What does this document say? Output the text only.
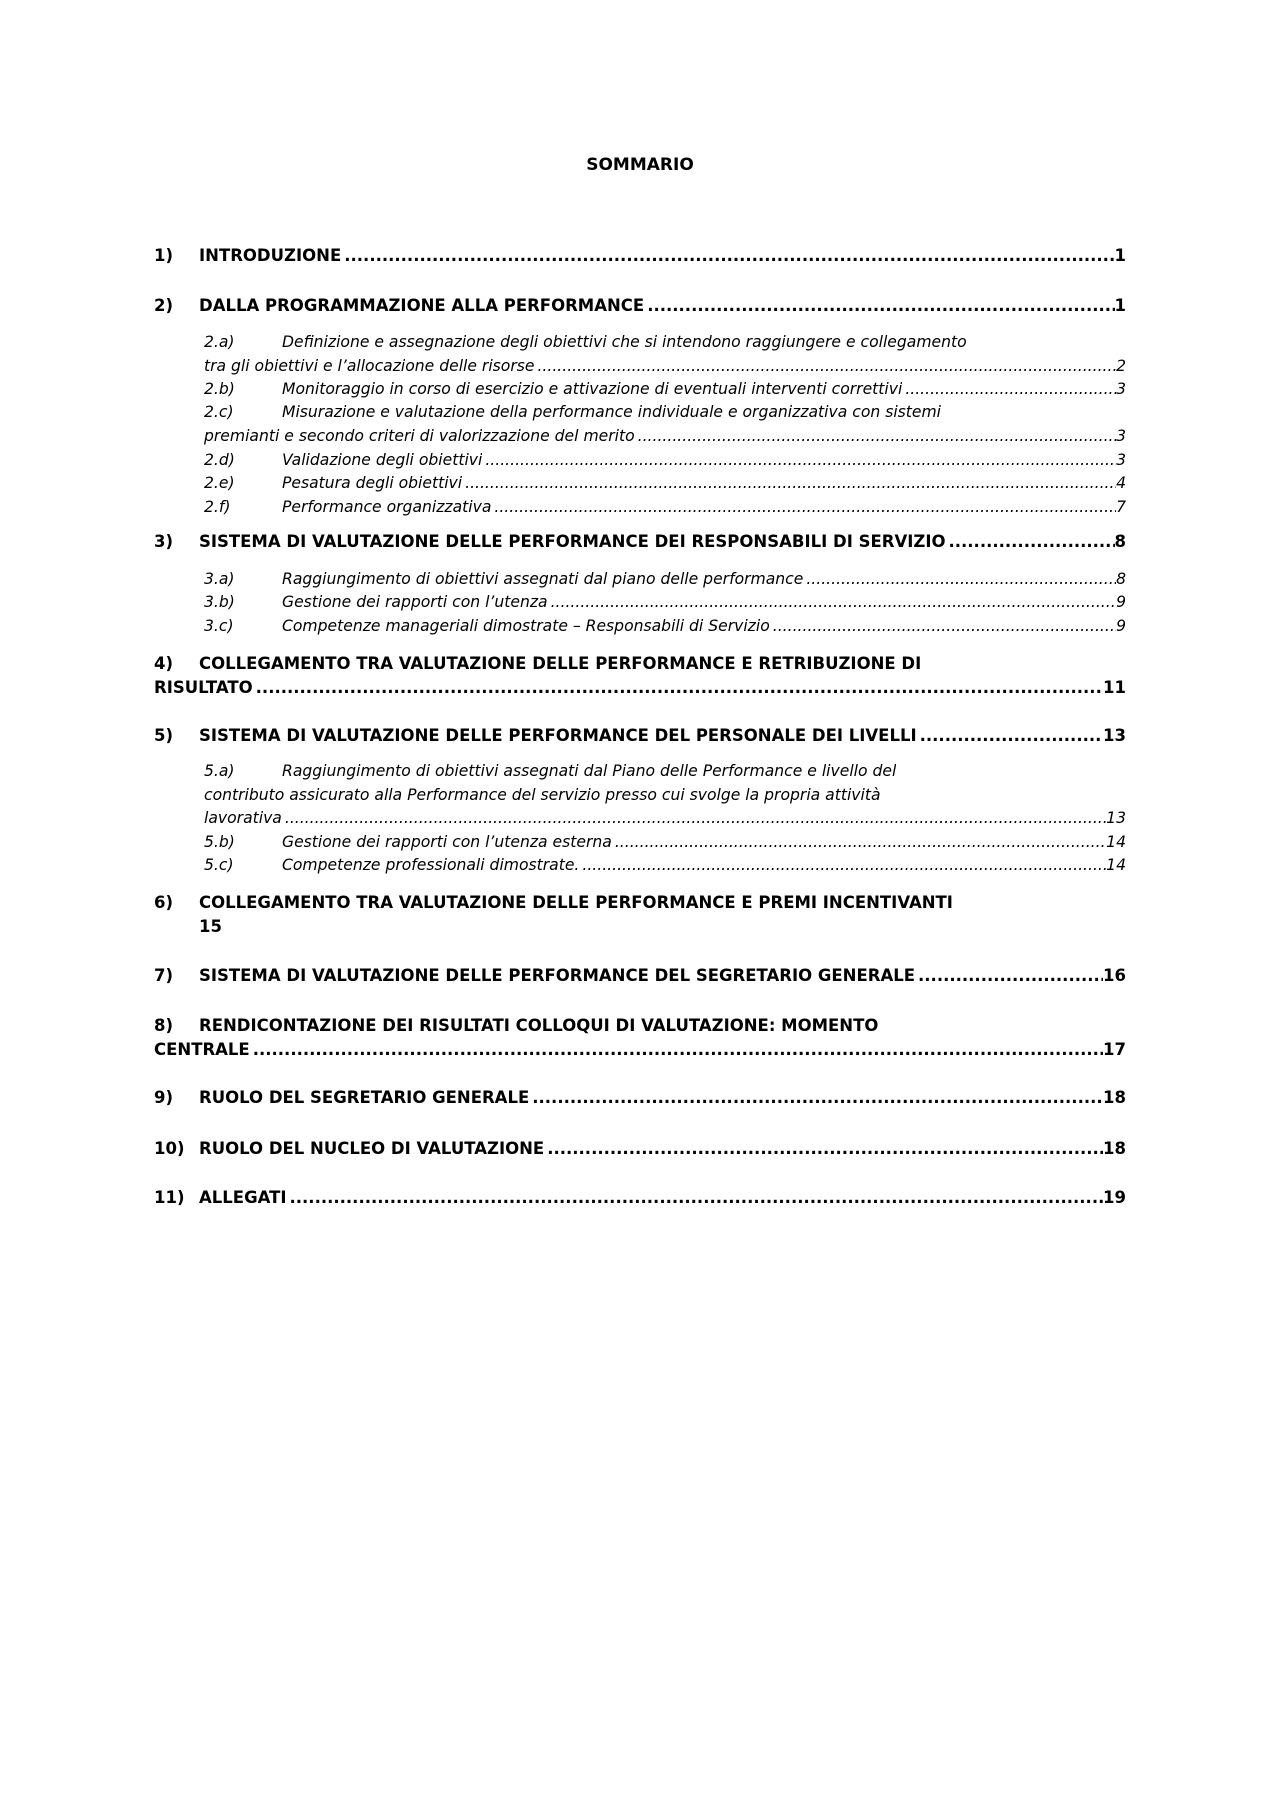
SOMMARIO
1)	INTRODUZIONE .....	1
2)	DALLA PROGRAMMAZIONE ALLA PERFORMANCE .....	1
2.a)	Definizione e assegnazione degli obiettivi che si intendono raggiungere e collegamento
tra gli obiettivi e l’allocazione delle risorse .....	2
2.b)	Monitoraggio in corso di esercizio e attivazione di eventuali interventi correttivi .....	3
2.c)	Misurazione e valutazione della performance individuale e organizzativa con sistemi
premianti e secondo criteri di valorizzazione del merito .....	3
2.d)	Validazione degli obiettivi .....	3
2.e)	Pesatura degli obiettivi .....	4
2.f)	Performance organizzativa .....	7
3)	SISTEMA DI VALUTAZIONE DELLE PERFORMANCE DEI RESPONSABILI DI SERVIZIO .....	8
3.a)	Raggiungimento di obiettivi assegnati dal piano delle performance .....	8
3.b)	Gestione dei rapporti con l’utenza .....	9
3.c)	Competenze manageriali dimostrate – Responsabili di Servizio .....	9
4)	COLLEGAMENTO TRA VALUTAZIONE DELLE PERFORMANCE E RETRIBUZIONE DI
RISULTATO .....	11
5)	SISTEMA DI VALUTAZIONE DELLE PERFORMANCE DEL PERSONALE DEI LIVELLI .....	13
5.a)	Raggiungimento di obiettivi assegnati dal Piano delle Performance e livello del
contributo assicurato alla Performance del servizio presso cui svolge la propria attività
lavorativa .....	13
5.b)	Gestione dei rapporti con l’utenza esterna .....	14
5.c)	Competenze professionali dimostrate. .....	14
6)	COLLEGAMENTO TRA VALUTAZIONE DELLE PERFORMANCE E PREMI INCENTIVANTI
15
7)	SISTEMA DI VALUTAZIONE DELLE PERFORMANCE DEL SEGRETARIO GENERALE .....	16
8)	RENDICONTAZIONE DEI RISULTATI COLLOQUI DI VALUTAZIONE: MOMENTO
CENTRALE .....	17
9)	RUOLO DEL SEGRETARIO GENERALE .....	18
10) RUOLO DEL NUCLEO DI VALUTAZIONE .....	18
11) ALLEGATI .....	19
